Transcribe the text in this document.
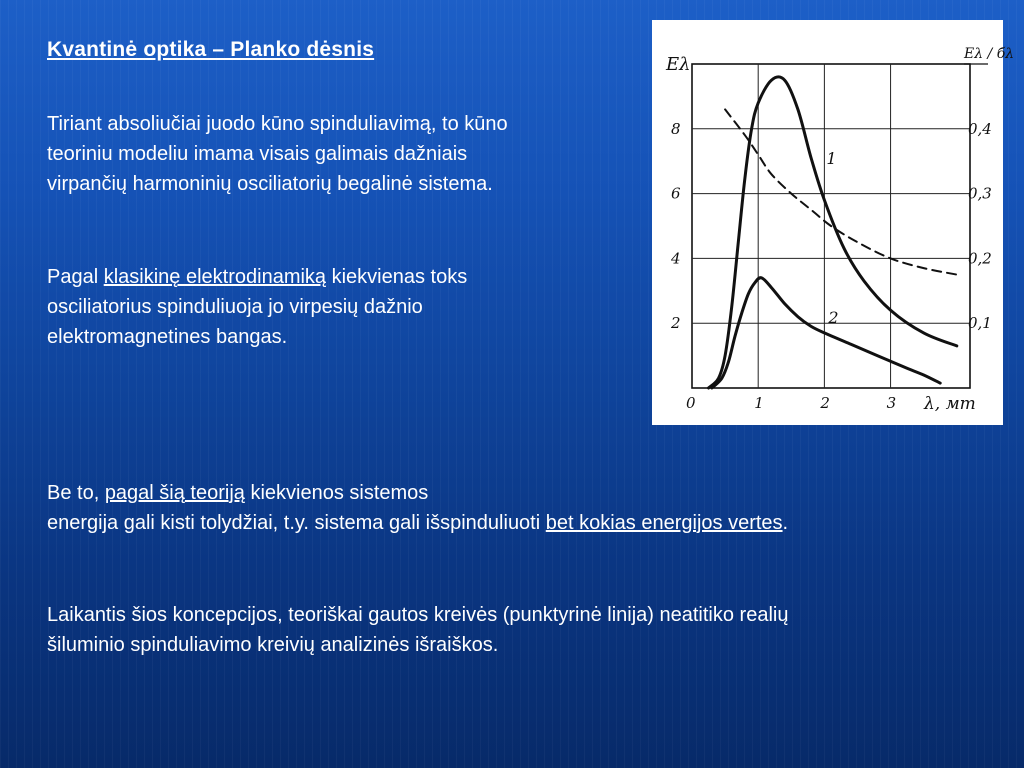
Kvantinė optika – Planko dėsnis
Tiriant absoliučiai juodo kūno spinduliavimą, to kūno
teoriniu modeliu imama visais galimais dažniais
virpančių harmoninių osciliatorių begalinė sistema.
Pagal klasikinę elektrodinamiką kiekvienas toks
osciliatorius spinduliuoja jo virpesių dažnio
elektromagnetines bangas.
Be to, pagal šią teoriją kiekvienos sistemos
energija gali kisti tolydžiai, t.y. sistema gali išspinduliuoti bet kokias energijos vertes.
Laikantis šios koncepcijos, teoriškai gautos kreivės (punktyrinė linija) neatitiko realių
šiluminio spinduliavimo kreivių analizinės išraiškos.
Eλ	Eλ / бλ
λ, мт
0	1	2	3
2
4
6
8
0,1
0,2
0,3
0,4
1
2
